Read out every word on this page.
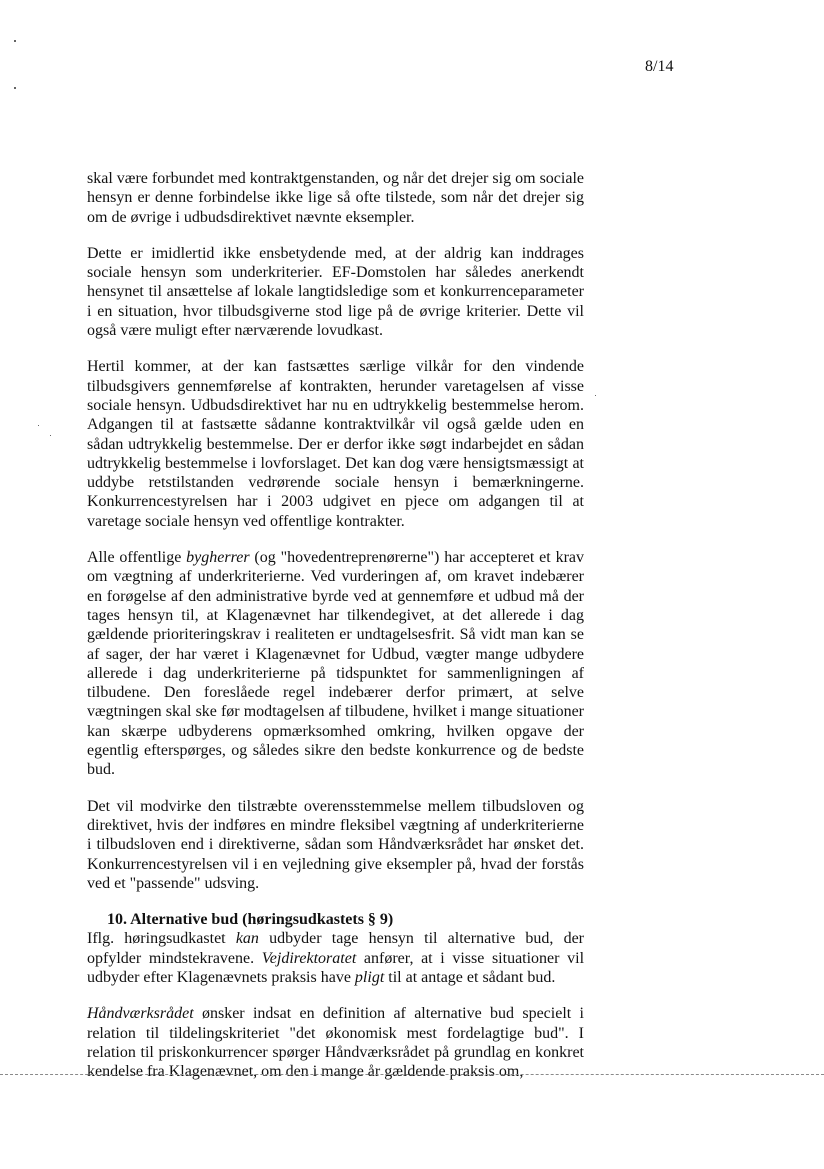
8/14

skal være forbundet med kontraktgenstanden, og når det drejer sig om sociale hensyn er denne forbindelse ikke lige så ofte tilstede, som når det drejer sig om de øvrige i udbudsdirektivet nævnte eksempler.

Dette er imidlertid ikke ensbetydende med, at der aldrig kan inddrages sociale hensyn som underkriterier. EF-Domstolen har således anerkendt hensynet til ansættelse af lokale langtidsledige som et konkurrenceparameter i en situation, hvor tilbudsgiverne stod lige på de øvrige kriterier. Dette vil også være muligt efter nærværende lovudkast.

Hertil kommer, at der kan fastsættes særlige vilkår for den vindende tilbudsgivers gennemførelse af kontrakten, herunder varetagelsen af visse sociale hensyn. Udbudsdirektivet har nu en udtrykkelig bestemmelse herom. Adgangen til at fastsætte sådanne kontraktvilkår vil også gælde uden en sådan udtrykkelig bestemmelse. Der er derfor ikke søgt indarbejdet en sådan udtrykkelig bestemmelse i lovforslaget. Det kan dog være hensigtsmæssigt at uddybe retstilstanden vedrørende sociale hensyn i bemærkningerne. Konkurrencestyrelsen har i 2003 udgivet en pjece om adgangen til at varetage sociale hensyn ved offentlige kontrakter.

Alle offentlige bygherrer (og "hovedentreprenørerne") har accepteret et krav om vægtning af underkriterierne. Ved vurderingen af, om kravet indebærer en forøgelse af den administrative byrde ved at gennemføre et udbud må der tages hensyn til, at Klagenævnet har tilkendegivet, at det allerede i dag gældende prioriteringskrav i realiteten er undtagelsesfrit. Så vidt man kan se af sager, der har været i Klagenævnet for Udbud, vægter mange udbydere allerede i dag underkriterierne på tidspunktet for sammenligningen af tilbudene. Den foreslåede regel indebærer derfor primært, at selve vægtningen skal ske før modtagelsen af tilbudene, hvilket i mange situationer kan skærpe udbyderens opmærksomhed omkring, hvilken opgave der egentlig efterspørges, og således sikre den bedste konkurrence og de bedste bud.

Det vil modvirke den tilstræbte overensstemmelse mellem tilbudsloven og direktivet, hvis der indføres en mindre fleksibel vægtning af underkriterierne i tilbudsloven end i direktiverne, sådan som Håndværksrådet har ønsket det. Konkurrencestyrelsen vil i en vejledning give eksempler på, hvad der forstås ved et "passende" udsving.

10. Alternative bud (høringsudkastets § 9)

Iflg. høringsudkastet kan udbyder tage hensyn til alternative bud, der opfylder mindstekravene. Vejdirektoratet anfører, at i visse situationer vil udbyder efter Klagenævnets praksis have pligt til at antage et sådant bud.

Håndværksrådet ønsker indsat en definition af alternative bud specielt i relation til tildelingskriteriet "det økonomisk mest fordelagtige bud". I relation til priskonkurrencer spørger Håndværksrådet på grundlag en konkret kendelse fra Klagenævnet, om den i mange år gældende praksis om,
